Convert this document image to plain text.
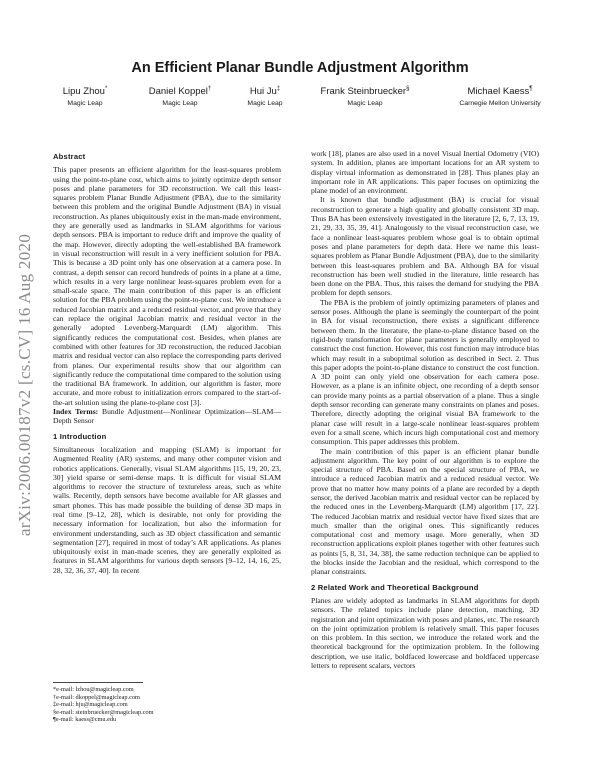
arXiv:2006.00187v2 [cs.CV] 16 Aug 2020
An Efficient Planar Bundle Adjustment Algorithm
Lipu Zhou*
Magic Leap
Daniel Koppel†
Magic Leap
Hui Ju‡
Magic Leap
Frank Steinbruecker§
Magic Leap
Michael Kaess¶
Carnegie Mellon University
Abstract

This paper presents an efficient algorithm for the least-squares problem using the point-to-plane cost, which aims to jointly optimize depth sensor poses and plane parameters for 3D reconstruction. We call this least-squares problem Planar Bundle Adjustment (PBA), due to the similarity between this problem and the original Bundle Adjustment (BA) in visual reconstruction. As planes ubiquitously exist in the man-made environment, they are generally used as landmarks in SLAM algorithms for various depth sensors. PBA is important to reduce drift and improve the quality of the map. However, directly adopting the well-established BA framework in visual reconstruction will result in a very inefficient solution for PBA. This is because a 3D point only has one observation at a camera pose. In contrast, a depth sensor can record hundreds of points in a plane at a time, which results in a very large nonlinear least-squares problem even for a small-scale space. The main contribution of this paper is an efficient solution for the PBA problem using the point-to-plane cost. We introduce a reduced Jacobian matrix and a reduced residual vector, and prove that they can replace the original Jacobian matrix and residual vector in the generally adopted Levenberg-Marquardt (LM) algorithm. This significantly reduces the computational cost. Besides, when planes are combined with other features for 3D reconstruction, the reduced Jacobian matrix and residual vector can also replace the corresponding parts derived from planes. Our experimental results show that our algorithm can significantly reduce the computational time compared to the solution using the traditional BA framework. In addition, our algorithm is faster, more accurate, and more robust to initialization errors compared to the start-of-the-art solution using the plane-to-plane cost [3].

Index Terms: Bundle Adjustment—Nonlinear Optimization—SLAM—Depth Sensor

1 Introduction

Simultaneous localization and mapping (SLAM) is important for Augmented Reality (AR) systems, and many other computer vision and robotics applications. Generally, visual SLAM algorithms [15, 19, 20, 23, 30] yield sparse or semi-dense maps. It is difficult for visual SLAM algorithms to recover the structure of textureless areas, such as white walls. Recently, depth sensors have become available for AR glasses and smart phones. This has made possible the building of dense 3D maps in real time [9–12, 28], which is desirable, not only for providing the necessary information for localization, but also the information for environment understanding, such as 3D object classification and semantic segmentation [27], required in most of today’s AR applications. As planes ubiquitously exist in man-made scenes, they are generally exploited as features in SLAM algorithms for various depth sensors [9–12, 14, 16, 25, 28, 32, 36, 37, 40]. In recent

*e-mail: lzhou@magicleap.com
†e-mail: dkoppel@magicleap.com
‡e-mail: hju@magicleap.com
§e-mail: steinbruecker@magicleap.com
¶e-mail: kaess@cmu.edu

work [18], planes are also used in a novel Visual Inertial Odometry (VIO) system. In addition, planes are important locations for an AR system to display virtual information as demonstrated in [28]. Thus planes play an important role in AR applications. This paper focuses on optimizing the plane model of an environment.

It is known that bundle adjustment (BA) is crucial for visual reconstruction to generate a high quality and globally consistent 3D map. Thus BA has been extensively investigated in the literature [2, 6, 7, 13, 19, 21, 29, 33, 35, 39, 41]. Analogously to the visual reconstruction case, we face a nonlinear least-squares problem whose goal is to obtain optimal poses and plane parameters for depth data. Here we name this least-squares problem as Planar Bundle Adjustment (PBA), due to the similarity between this least-squares problem and BA. Although BA for visual reconstruction has been well studied in the literature, little research has been done on the PBA. Thus, this raises the demand for studying the PBA problem for depth sensors.

The PBA is the problem of jointly optimizing parameters of planes and sensor poses. Although the plane is seemingly the counterpart of the point in BA for visual reconstruction, there exists a significant difference between them. In the literature, the plane-to-plane distance based on the rigid-body transformation for plane parameters is generally employed to construct the cost function. However, this cost function may introduce bias which may result in a suboptimal solution as described in Sect. 2. Thus this paper adopts the point-to-plane distance to construct the cost function. A 3D point can only yield one observation for each camera pose. However, as a plane is an infinite object, one recording of a depth sensor can provide many points as a partial observation of a plane. Thus a single depth sensor recording can generate many constraints on planes and poses. Therefore, directly adopting the original visual BA framework to the planar case will result in a large-scale nonlinear least-squares problem even for a small scene, which incurs high computational cost and memory consumption. This paper addresses this problem.

The main contribution of this paper is an efficient planar bundle adjustment algorithm. The key point of our algorithm is to explore the special structure of PBA. Based on the special structure of PBA, we introduce a reduced Jacobian matrix and a reduced residual vector. We prove that no matter how many points of a plane are recorded by a depth sensor, the derived Jacobian matrix and residual vector can be replaced by the reduced ones in the Levenberg-Marquardt (LM) algorithm [17, 22]. The reduced Jacobian matrix and residual vector have fixed sizes that are much smaller than the original ones. This significantly reduces computational cost and memory usage. More generally, when 3D reconstruction applications exploit planes together with other features such as points [5, 8, 31, 34, 38], the same reduction technique can be applied to the blocks inside the Jacobian and the residual, which correspond to the planar constraints.

2 Related Work and Theoretical Background

Planes are widely adopted as landmarks in SLAM algorithms for depth sensors. The related topics include plane detection, matching, 3D registration and joint optimization with poses and planes, etc. The research on the joint optimization problem is relatively small. This paper focuses on this problem. In this section, we introduce the related work and the theoretical background for the optimization problem. In the following description, we use italic, boldfaced lowercase and boldfaced uppercase letters to represent scalars, vectors
